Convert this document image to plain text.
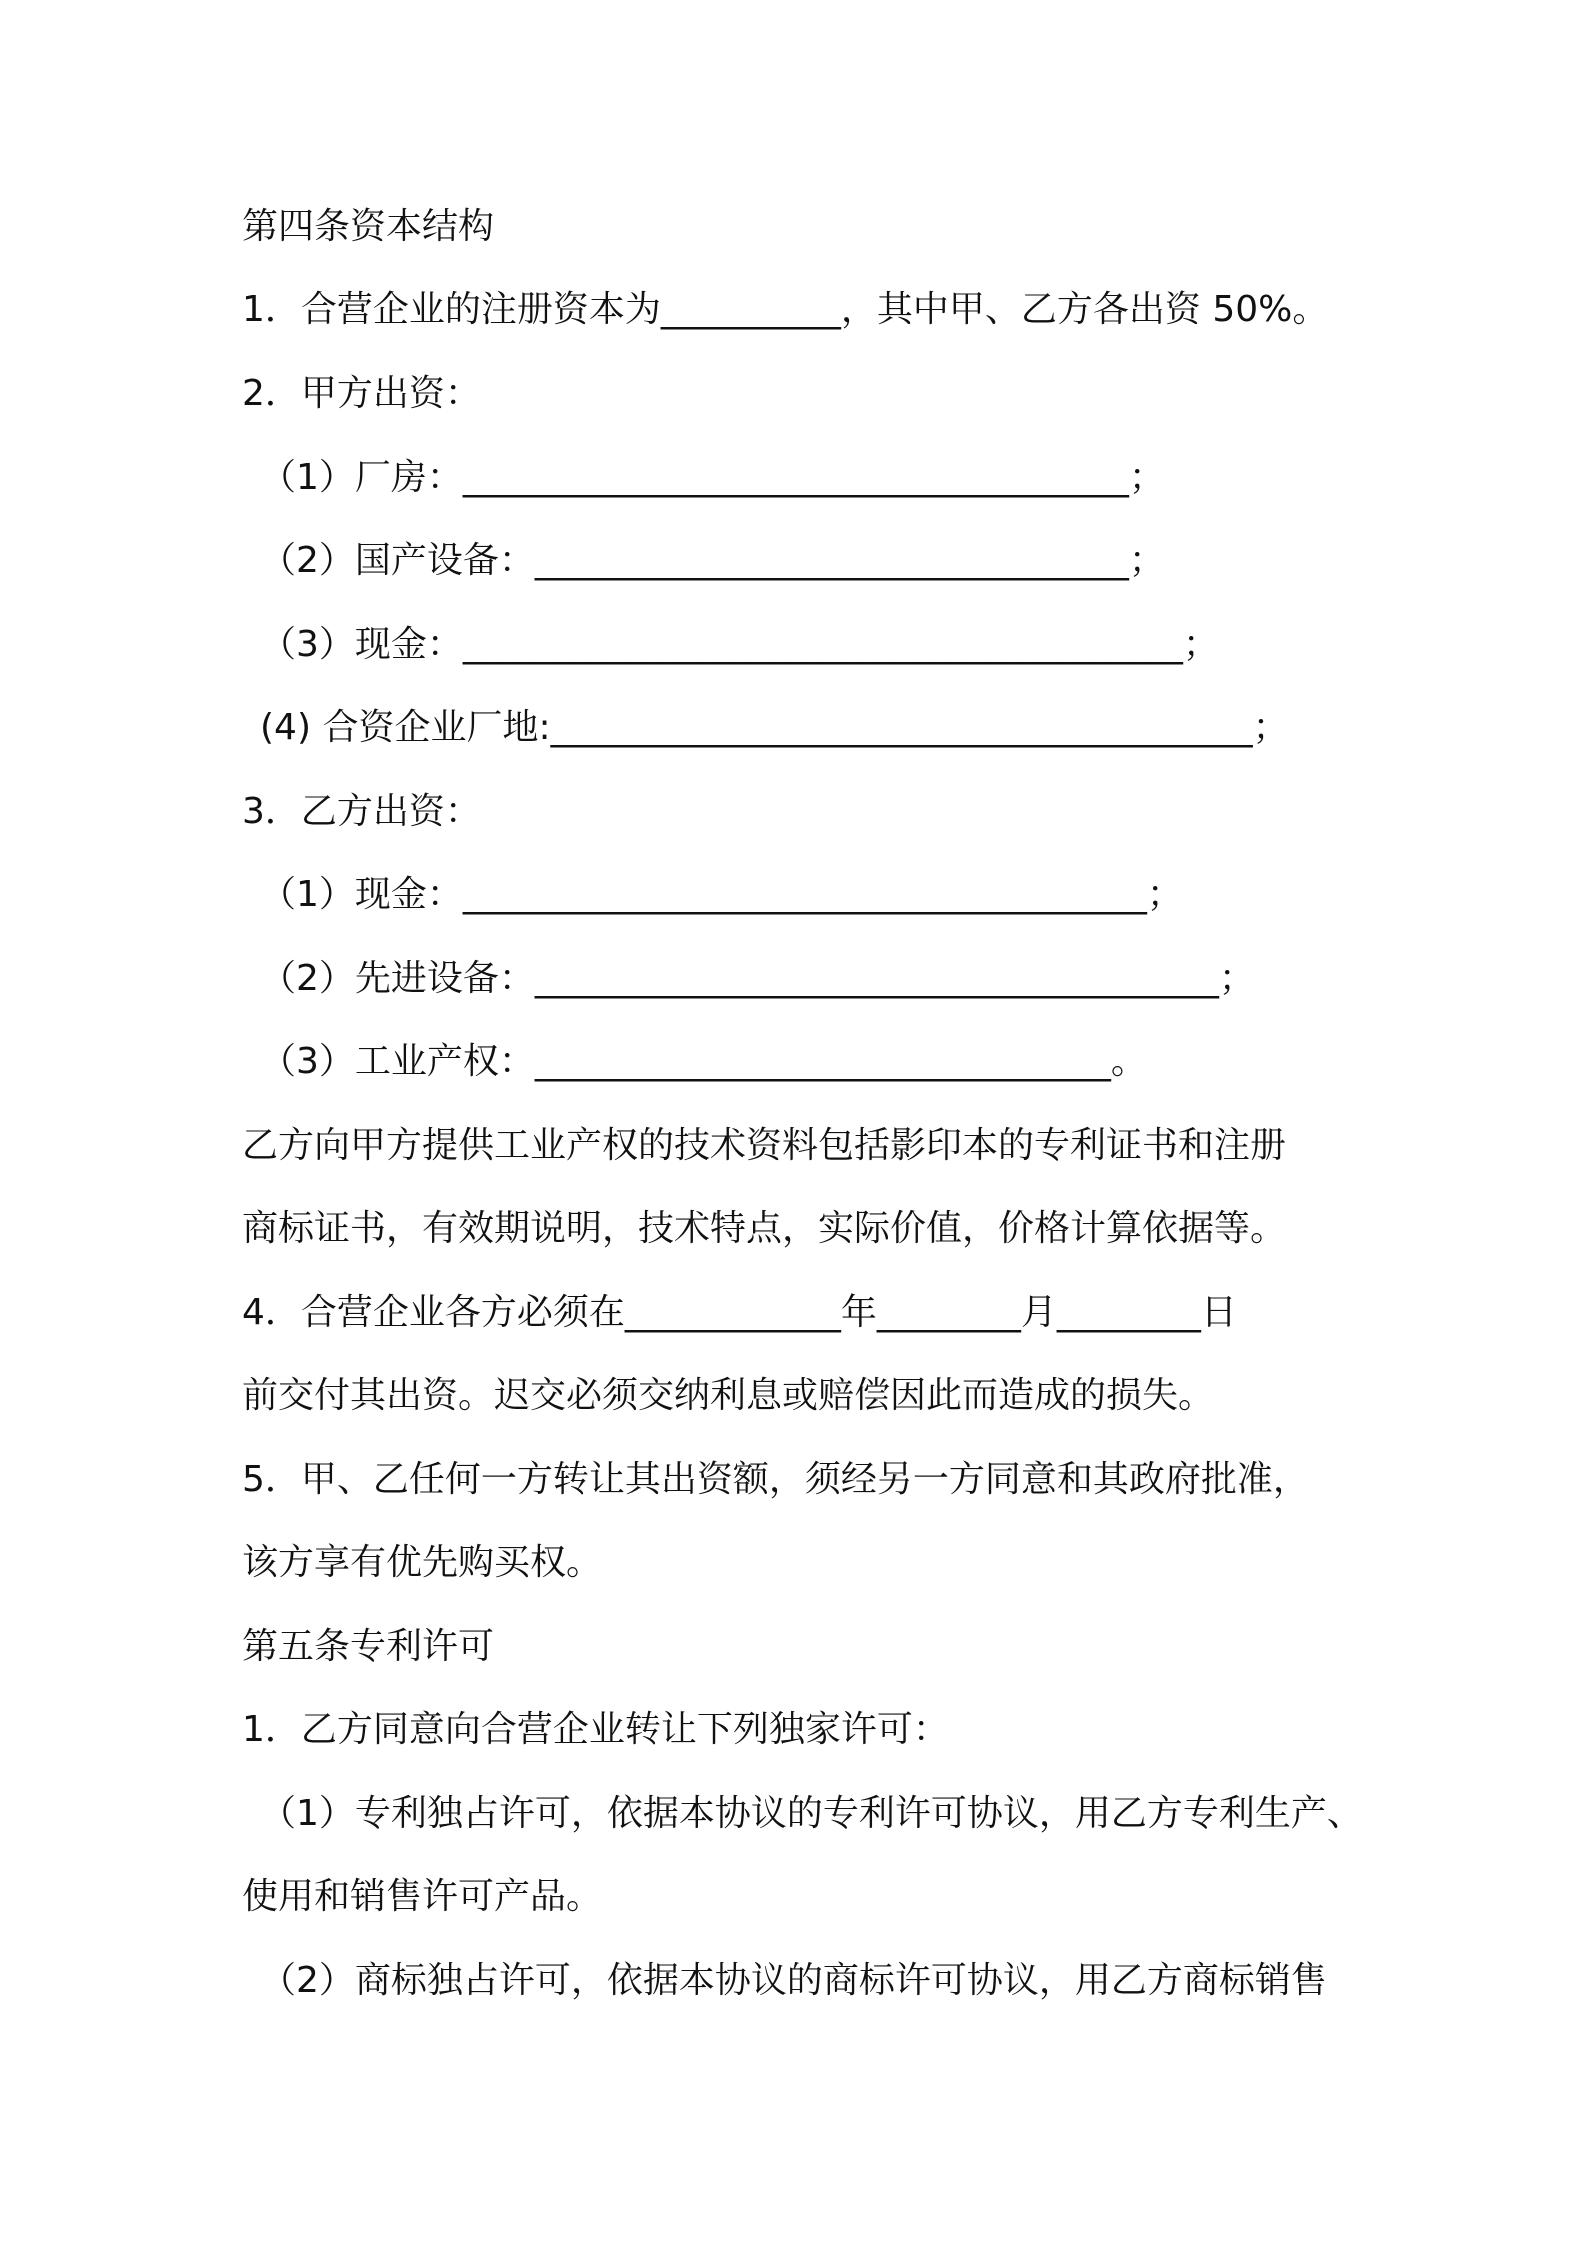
第四条资本结构
1．合营企业的注册资本为__________，其中甲、乙方各出资 50%。
2．甲方出资：
（1）厂房：_____________________________________；
（2）国产设备：_________________________________；
（3）现金：________________________________________；
(4) 合资企业厂地:_______________________________________；
3．乙方出资：
（1）现金：______________________________________；
（2）先进设备：______________________________________；
（3）工业产权：________________________________。
乙方向甲方提供工业产权的技术资料包括影印本的专利证书和注册
商标证书，有效期说明，技术特点，实际价值，价格计算依据等。
4．合营企业各方必须在____________年________月________日
前交付其出资。迟交必须交纳利息或赔偿因此而造成的损失。
5．甲、乙任何一方转让其出资额，须经另一方同意和其政府批准，
该方享有优先购买权。
第五条专利许可
1．乙方同意向合营企业转让下列独家许可：
（1）专利独占许可，依据本协议的专利许可协议，用乙方专利生产、
使用和销售许可产品。
（2）商标独占许可，依据本协议的商标许可协议，用乙方商标销售
